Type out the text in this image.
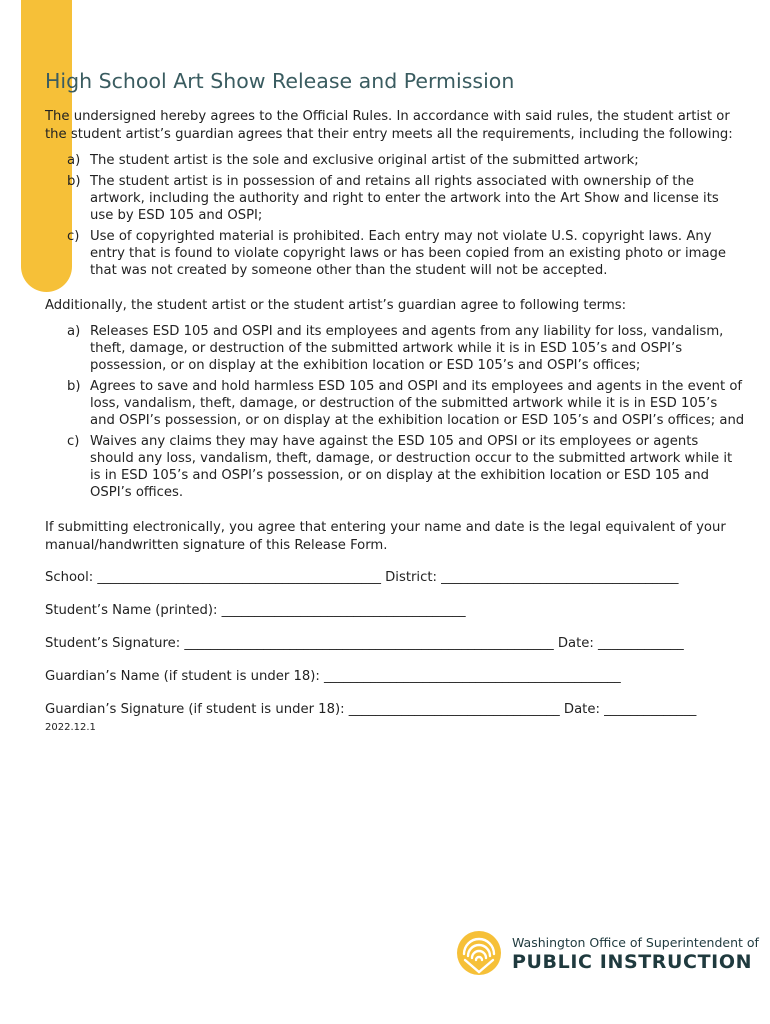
High School Art Show Release and Permission

The undersigned hereby agrees to the Official Rules. In accordance with said rules, the student artist or the student artist’s guardian agrees that their entry meets all the requirements, including the following:

a) The student artist is the sole and exclusive original artist of the submitted artwork;
b) The student artist is in possession of and retains all rights associated with ownership of the artwork, including the authority and right to enter the artwork into the Art Show and license its use by ESD 105 and OSPI;
c) Use of copyrighted material is prohibited. Each entry may not violate U.S. copyright laws. Any entry that is found to violate copyright laws or has been copied from an existing photo or image that was not created by someone other than the student will not be accepted.

Additionally, the student artist or the student artist’s guardian agree to following terms:

a) Releases ESD 105 and OSPI and its employees and agents from any liability for loss, vandalism, theft, damage, or destruction of the submitted artwork while it is in ESD 105’s and OSPI’s possession, or on display at the exhibition location or ESD 105’s and OSPI’s offices;
b) Agrees to save and hold harmless ESD 105 and OSPI and its employees and agents in the event of loss, vandalism, theft, damage, or destruction of the submitted artwork while it is in ESD 105’s and OSPI’s possession, or on display at the exhibition location or ESD 105’s and OSPI’s offices; and
c) Waives any claims they may have against the ESD 105 and OPSI or its employees or agents should any loss, vandalism, theft, damage, or destruction occur to the submitted artwork while it is in ESD 105’s and OSPI’s possession, or on display at the exhibition location or ESD 105 and OSPI’s offices.

If submitting electronically, you agree that entering your name and date is the legal equivalent of your manual/handwritten signature of this Release Form.

School: ___________________________________________ District: ____________________________________

Student’s Name (printed): _____________________________________

Student’s Signature: ________________________________________________________ Date: _____________

Guardian’s Name (if student is under 18): _____________________________________________

Guardian’s Signature (if student is under 18): ________________________________ Date: ______________

2022.12.1
Washington Office of Superintendent of
PUBLIC INSTRUCTION
